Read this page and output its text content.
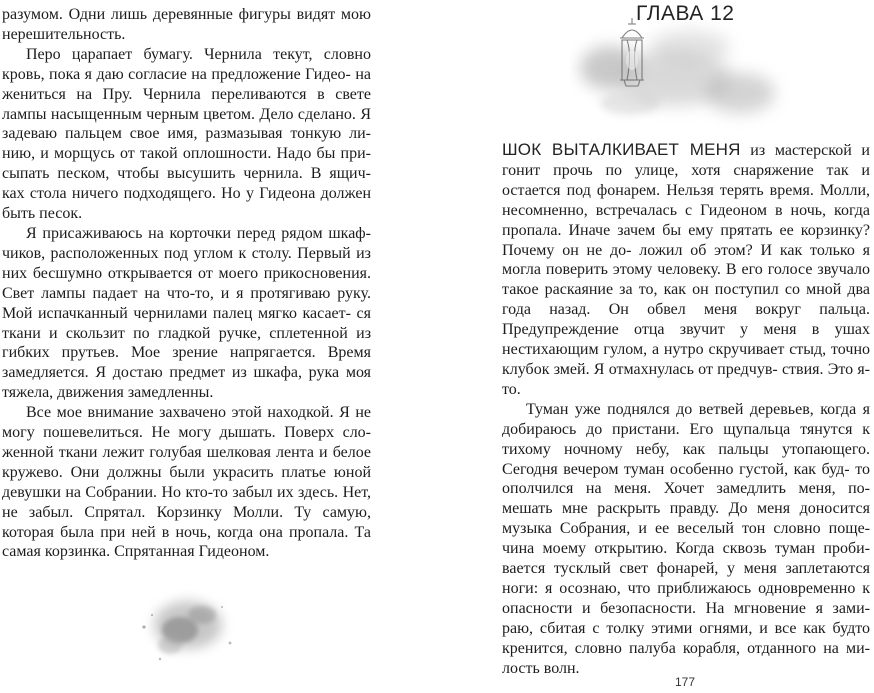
разумом. Одни лишь деревянные фигуры видят мою нерешительность.

Перо царапает бумагу. Чернила текут, словно кровь, пока я даю согласие на предложение Гидео- на жениться на Пру. Чернила переливаются в свете лампы насыщенным черным цветом. Дело сделано. Я задеваю пальцем свое имя, размазывая тонкую ли- нию, и морщусь от такой оплошности. Надо бы при- сыпать песком, чтобы высушить чернила. В ящич- ках стола ничего подходящего. Но у Гидеона должен быть песок.

Я присаживаюсь на корточки перед рядом шкаф- чиков, расположенных под углом к столу. Первый из них бесшумно открывается от моего прикосновения. Свет лампы падает на что-то, и я протягиваю руку. Мой испачканный чернилами палец мягко касает- ся ткани и скользит по гладкой ручке, сплетенной из гибких прутьев. Мое зрение напрягается. Время замедляется. Я достаю предмет из шкафа, рука моя тяжела, движения замедленны.

Все мое внимание захвачено этой находкой. Я не могу пошевелиться. Не могу дышать. Поверх сло- женной ткани лежит голубая шелковая лента и белое кружево. Они должны были украсить платье юной девушки на Собрании. Но кто-то забыл их здесь. Нет, не забыл. Спрятал. Корзинку Молли. Ту самую, которая была при ней в ночь, когда она пропала. Та самая корзинка. Спрятанная Гидеоном.

ГЛАВА 12

ШОК ВЫТАЛКИВАЕТ МЕНЯ из мастерской и гонит прочь по улице, хотя снаряжение так и остается под фонарем. Нельзя терять время. Молли, несомненно, встречалась с Гидеоном в ночь, когда пропала. Иначе зачем бы ему прятать ее корзинку? Почему он не до- ложил об этом? И как только я могла поверить этому человеку. В его голосе звучало такое раскаяние за то, как он поступил со мной два года назад. Он обвел меня вокруг пальца. Предупреждение отца звучит у меня в ушах нестихающим гулом, а нутро скручивает стыд, точно клубок змей. Я отмахнулась от предчув- ствия. Это я-то.

Туман уже поднялся до ветвей деревьев, когда я добираюсь до пристани. Его щупальца тянутся к тихому ночному небу, как пальцы утопающего. Сегодня вечером туман особенно густой, как буд- то ополчился на меня. Хочет замедлить меня, по- мешать мне раскрыть правду. До меня доносится музыка Собрания, и ее веселый тон словно поще- чина моему открытию. Когда сквозь туман проби- вается тусклый свет фонарей, у меня заплетаются ноги: я осознаю, что приближаюсь одновременно к опасности и безопасности. На мгновение я зами- раю, сбитая с толку этими огнями, и все как будто кренится, словно палуба корабля, отданного на ми- лость волн.

177
